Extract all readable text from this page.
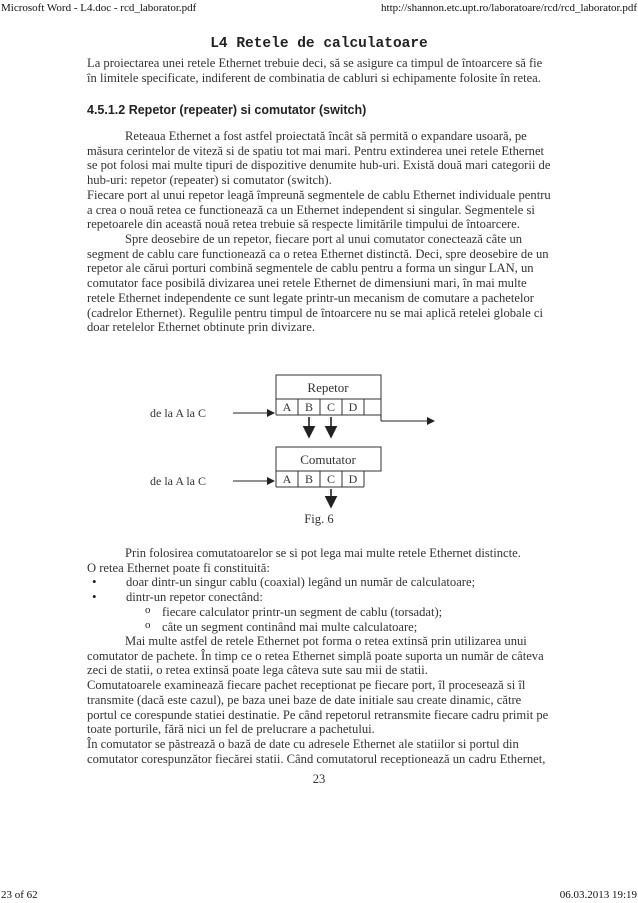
Microsoft Word - L4.doc - rcd_laborator.pdf	http://shannon.etc.upt.ro/laboratoare/rcd/rcd_laborator.pdf
23 of 62	06.03.2013 19:19
L4 Retele de calculatoare
La proiectarea unei retele Ethernet trebuie deci, să se asigure ca timpul de întoarcere să fie
în limitele specificate, indiferent de combinatia de cabluri si echipamente folosite în retea.
4.5.1.2 Repetor (repeater) si comutator (switch)
Reteaua Ethernet a fost astfel proiectată încât să permită o expandare usoară, pe
măsura cerintelor de viteză si de spatiu tot mai mari. Pentru extinderea unei retele Ethernet
se pot folosi mai multe tipuri de dispozitive denumite hub-uri. Există două mari categorii de
hub-uri: repetor (repeater) si comutator (switch).
Fiecare port al unui repetor leagă împreună segmentele de cablu Ethernet individuale pentru
a crea o nouă retea ce functionează ca un Ethernet independent si singular. Segmentele si
repetoarele din această nouă retea trebuie să respecte limitările timpului de întoarcere.
Spre deosebire de un repetor, fiecare port al unui comutator conectează câte un
segment de cablu care functionează ca o retea Ethernet distinctă. Deci, spre deosebire de un
repetor ale cărui porturi combină segmentele de cablu pentru a forma un singur LAN, un
comutator face posibilă divizarea unei retele Ethernet de dimensiuni mari, în mai multe
retele Ethernet independente ce sunt legate printr-un mecanism de comutare a pachetelor
(cadrelor Ethernet). Regulile pentru timpul de întoarcere nu se mai aplică retelei globale ci
doar retelelor Ethernet obtinute prin divizare.
Repetor
A B C D
de la A la C
Comutator
A B C D
de la A la C
Fig. 6
Prin folosirea comutatoarelor se si pot lega mai multe retele Ethernet distincte.
O retea Ethernet poate fi constituită:
• doar dintr-un singur cablu (coaxial) legând un număr de calculatoare;
• dintr-un repetor conectând:
o fiecare calculator printr-un segment de cablu (torsadat);
o câte un segment continând mai multe calculatoare;
Mai multe astfel de retele Ethernet pot forma o retea extinsă prin utilizarea unui
comutator de pachete. În timp ce o retea Ethernet simplă poate suporta un număr de câteva
zeci de statii, o retea extinsă poate lega câteva sute sau mii de statii.
Comutatoarele examinează fiecare pachet receptionat pe fiecare port, îl procesează si îl
transmite (dacă este cazul), pe baza unei baze de date initiale sau create dinamic, către
portul ce corespunde statiei destinatie. Pe când repetorul retransmite fiecare cadru primit pe
toate porturile, fără nici un fel de prelucrare a pachetului.
În comutator se păstrează o bază de date cu adresele Ethernet ale statiilor si portul din
comutator corespunzător fiecărei statii. Când comutatorul receptionează un cadru Ethernet,
23
